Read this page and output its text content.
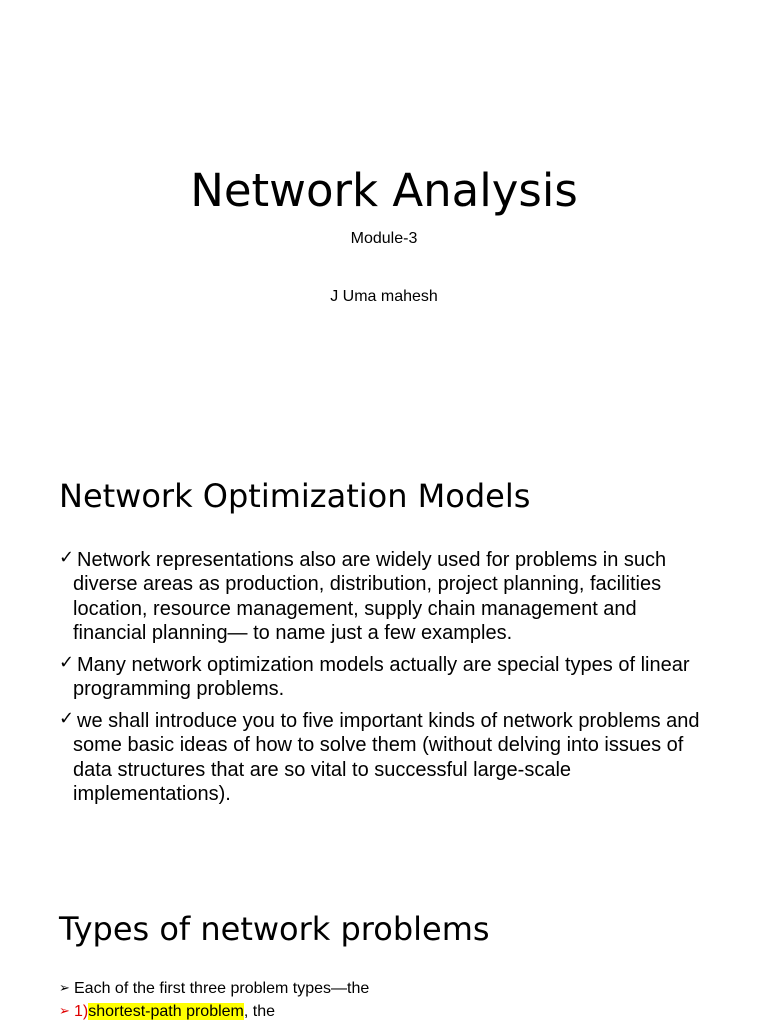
Network Analysis

Module-3

J Uma mahesh

Network Optimization Models
✓ Network representations also are widely used for problems in such diverse areas as production, distribution, project planning, facilities location, resource management, supply chain management and financial planning— to name just a few examples.
✓ Many network optimization models actually are special types of linear programming problems.
✓ we shall introduce you to five important kinds of network problems and some basic ideas of how to solve them (without delving into issues of data structures that are so vital to successful large-scale implementations).
Types of network problems
➢ Each of the first three problem types—the
➢ 1)shortest-path problem, the
